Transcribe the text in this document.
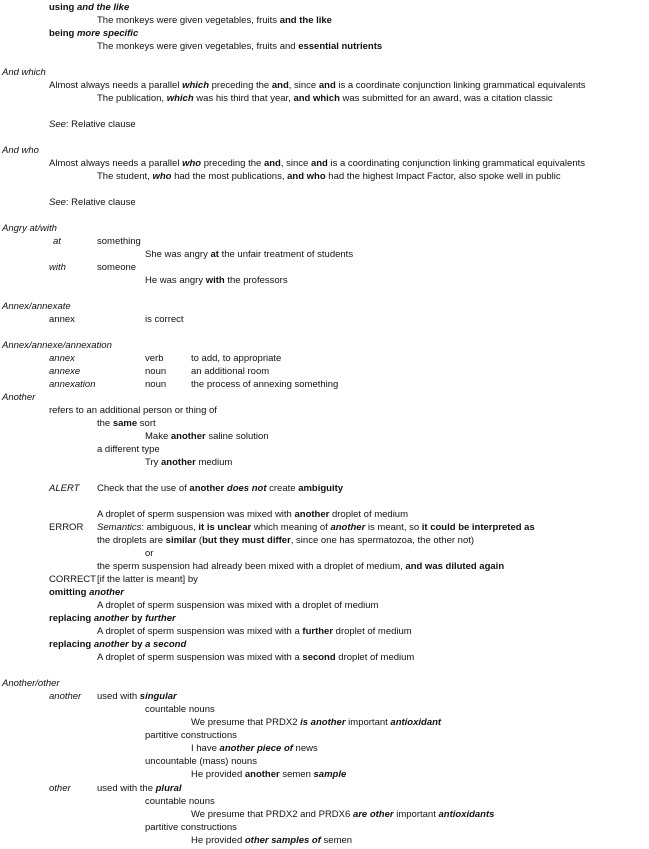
using and the like
The monkeys were given vegetables, fruits and the like
being more specific
The monkeys were given vegetables, fruits and essential nutrients
And which
Almost always needs a parallel which preceding the and, since and is a coordinate conjunction linking grammatical equivalents
The publication, which was his third that year, and which was submitted for an award, was a citation classic
See: Relative clause
And who
Almost always needs a parallel who preceding the and, since and is a coordinating conjunction linking grammatical equivalents
The student, who had the most publications, and who had the highest Impact Factor, also spoke well in public
See: Relative clause
Angry at/with
at	something
She was angry at the unfair treatment of students
with	someone
He was angry with the professors
Annex/annexate
annex	is correct
Annex/annexe/annexation
annex	verb	to add, to appropriate
annexe	noun	an additional room
annexation	noun	the process of annexing something
Another
refers to an additional person or thing of
the same sort
Make another saline solution
a different type
Try another medium
ALERT Check that the use of another does not create ambiguity
A droplet of sperm suspension was mixed with another droplet of medium
ERROR Semantics: ambiguous, it is unclear which meaning of another is meant, so it could be interpreted as
the droplets are similar (but they must differ, since one has spermatozoa, the other not)
or
the sperm suspension had already been mixed with a droplet of medium, and was diluted again
CORRECT [if the latter is meant] by
omitting another
A droplet of sperm suspension was mixed with a droplet of medium
replacing another by further
A droplet of sperm suspension was mixed with a further droplet of medium
replacing another by a second
A droplet of sperm suspension was mixed with a second droplet of medium
Another/other
another used with singular
countable nouns
We presume that PRDX2 is another important antioxidant
partitive constructions
I have another piece of news
uncountable (mass) nouns
He provided another semen sample
other	used with the plural
countable nouns
We presume that PRDX2 and PRDX6 are other important antioxidants
partitive constructions
He provided other samples of semen
